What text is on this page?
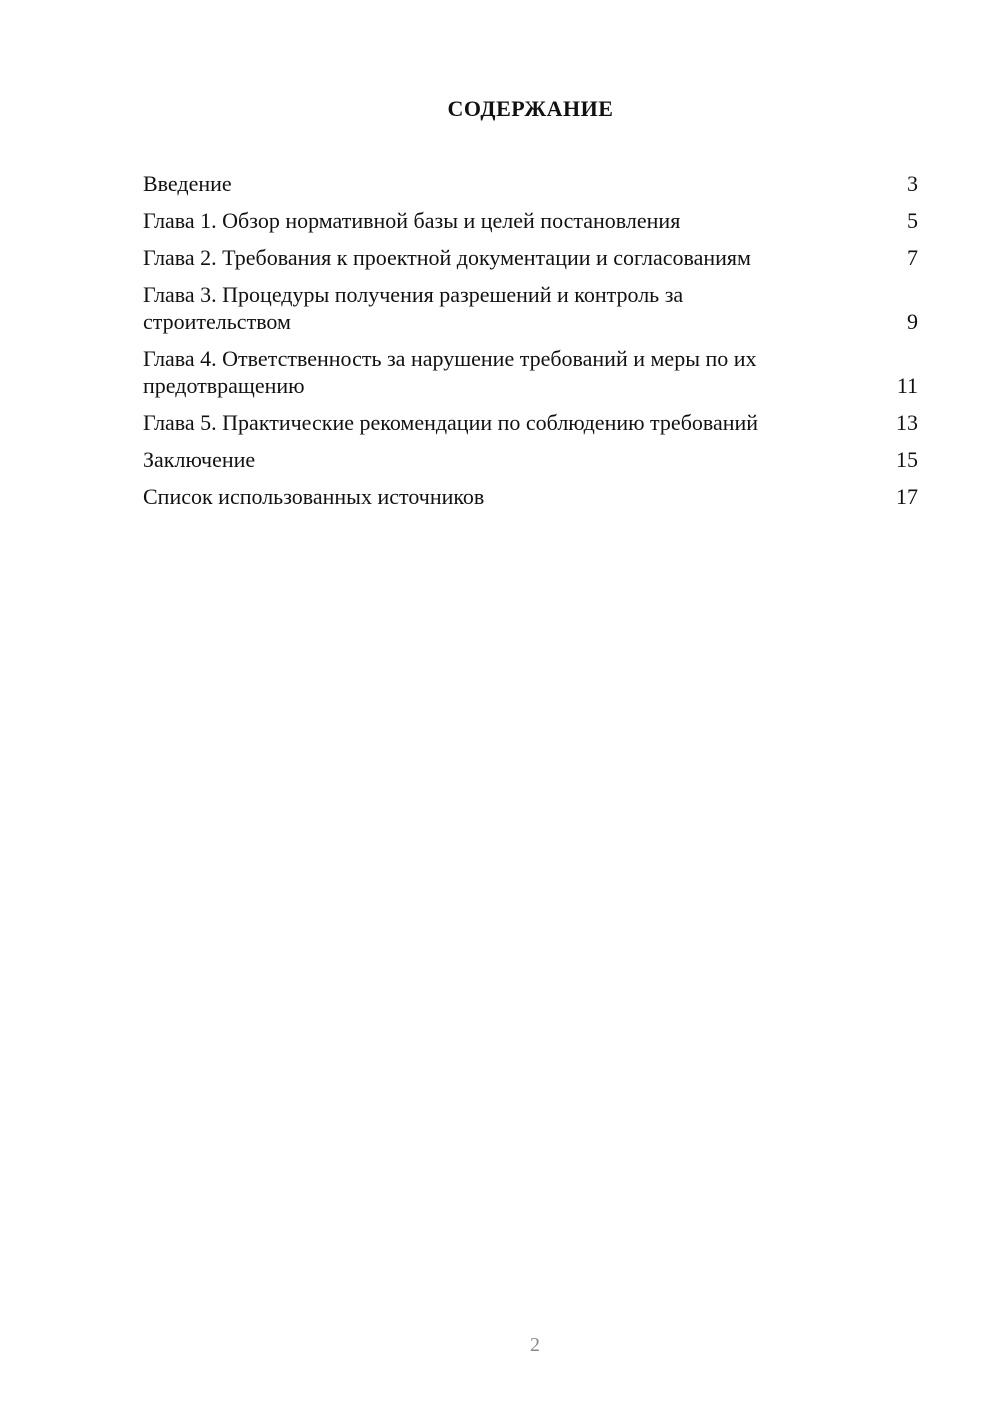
СОДЕРЖАНИЕ
Введение	3
Глава 1. Обзор нормативной базы и целей постановления	5
Глава 2. Требования к проектной документации и согласованиям	7
Глава 3. Процедуры получения разрешений и контроль за строительством	9
Глава 4. Ответственность за нарушение требований и меры по их предотвращению	11
Глава 5. Практические рекомендации по соблюдению требований	13
Заключение	15
Список использованных источников	17
2
